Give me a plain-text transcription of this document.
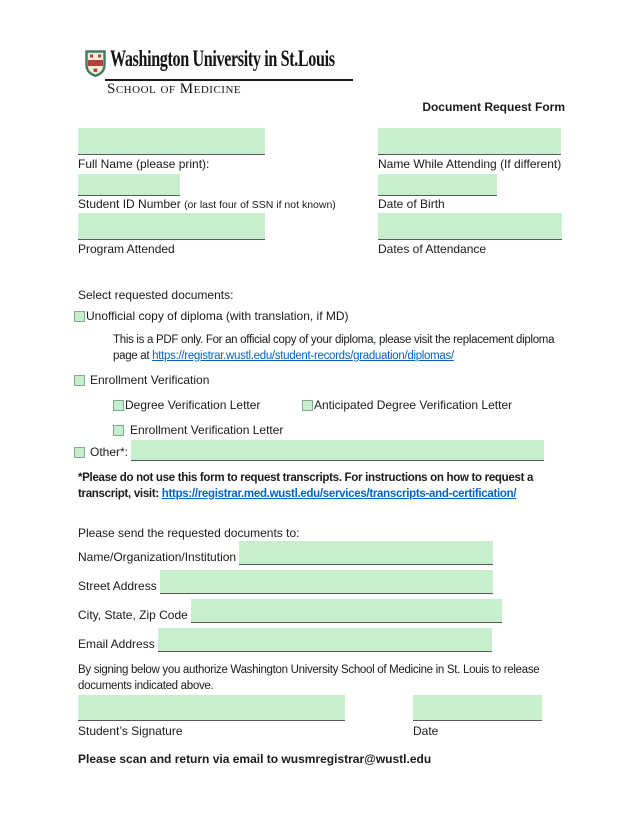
Washington University in St.Louis
School of Medicine
Document Request Form
Full Name (please print):	Name While Attending (If different)
Student ID Number (or last four of SSN if not known)	Date of Birth
Program Attended	Dates of Attendance
Select requested documents:
Unofficial copy of diploma (with translation, if MD)
This is a PDF only. For an official copy of your diploma, please visit the replacement diploma page at https://registrar.wustl.edu/student-records/graduation/diplomas/
Enrollment Verification
Degree Verification Letter	Anticipated Degree Verification Letter
Enrollment Verification Letter
Other*:
*Please do not use this form to request transcripts. For instructions on how to request a transcript, visit: https://registrar.med.wustl.edu/services/transcripts-and-certification/
Please send the requested documents to:
Name/Organization/Institution
Street Address
City, State, Zip Code
Email Address
By signing below you authorize Washington University School of Medicine in St. Louis to release documents indicated above.
Student’s Signature	Date
Please scan and return via email to wusmregistrar@wustl.edu
